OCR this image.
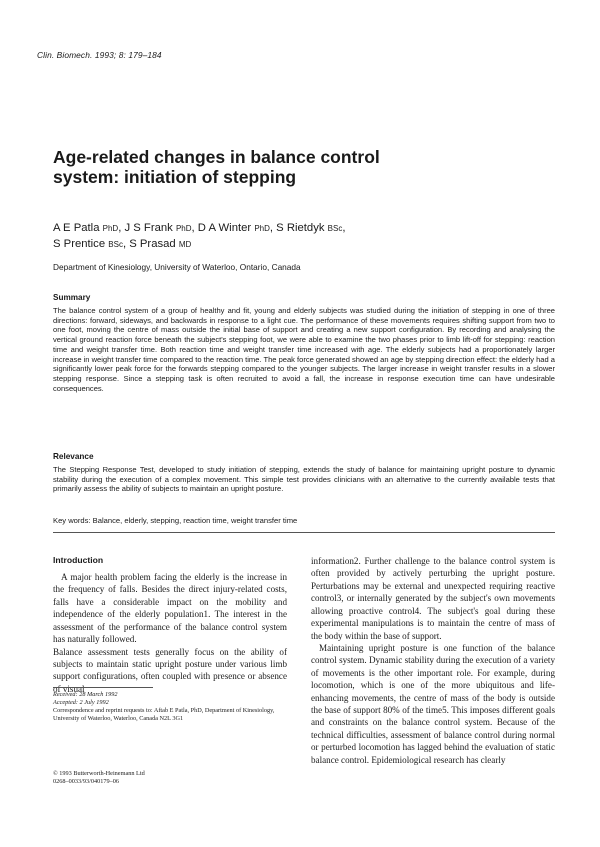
Clin. Biomech. 1993; 8: 179–184
Age-related changes in balance control
system: initiation of stepping
A E Patla PhD, J S Frank PhD, D A Winter PhD, S Rietdyk BSc,
S Prentice BSc, S Prasad MD
Department of Kinesiology, University of Waterloo, Ontario, Canada
Summary
The balance control system of a group of healthy and fit, young and elderly subjects was studied during the initiation of stepping in one of three directions: forward, sideways, and backwards in response to a light cue. The performance of these movements requires shifting support from two to one foot, moving the centre of mass outside the initial base of support and creating a new support configuration. By recording and analysing the vertical ground reaction force beneath the subject's stepping foot, we were able to examine the two phases prior to limb lift-off for stepping: reaction time and weight transfer time. Both reaction time and weight transfer time increased with age. The elderly subjects had a proportionately larger increase in weight transfer time compared to the reaction time. The peak force generated showed an age by stepping direction effect: the elderly had a significantly lower peak force for the forwards stepping compared to the younger subjects. The larger increase in weight transfer results in a slower stepping response. Since a stepping task is often recruited to avoid a fall, the increase in response execution time can have undesirable consequences.
Relevance
The Stepping Response Test, developed to study initiation of stepping, extends the study of balance for maintaining upright posture to dynamic stability during the execution of a complex movement. This simple test provides clinicians with an alternative to the currently available tests that primarily assess the ability of subjects to maintain an upright posture.
Key words: Balance, elderly, stepping, reaction time, weight transfer time
Introduction
A major health problem facing the elderly is the increase in the frequency of falls. Besides the direct injury-related costs, falls have a considerable impact on the mobility and independence of the elderly population1. The interest in the assessment of the performance of the balance control system has naturally followed.
Balance assessment tests generally focus on the ability of subjects to maintain static upright posture under various limb support configurations, often coupled with presence or absence of visual

information2. Further challenge to the balance control system is often provided by actively perturbing the upright posture. Perturbations may be external and unexpected requiring reactive control3, or internally generated by the subject's own movements allowing proactive control4. The subject's goal during these experimental manipulations is to maintain the centre of mass of the body within the base of support.

Maintaining upright posture is one function of the balance control system. Dynamic stability during the execution of a variety of movements is the other important role. For example, during locomotion, which is one of the more ubiquitous and life-enhancing movements, the centre of mass of the body is outside the base of support 80% of the time5. This imposes different goals and constraints on the balance control system. Because of the technical difficulties, assessment of balance control during normal or perturbed locomotion has lagged behind the evaluation of static balance control. Epidemiological research has clearly

Received: 28 March 1992
Accepted: 2 July 1992
Correspondence and reprint requests to: Aftab E Patla, PhD, Department of Kinesiology, University of Waterloo, Waterloo, Canada N2L 3G1
© 1993 Butterworth-Heinemann Ltd
0268–0033/93/040179–06
